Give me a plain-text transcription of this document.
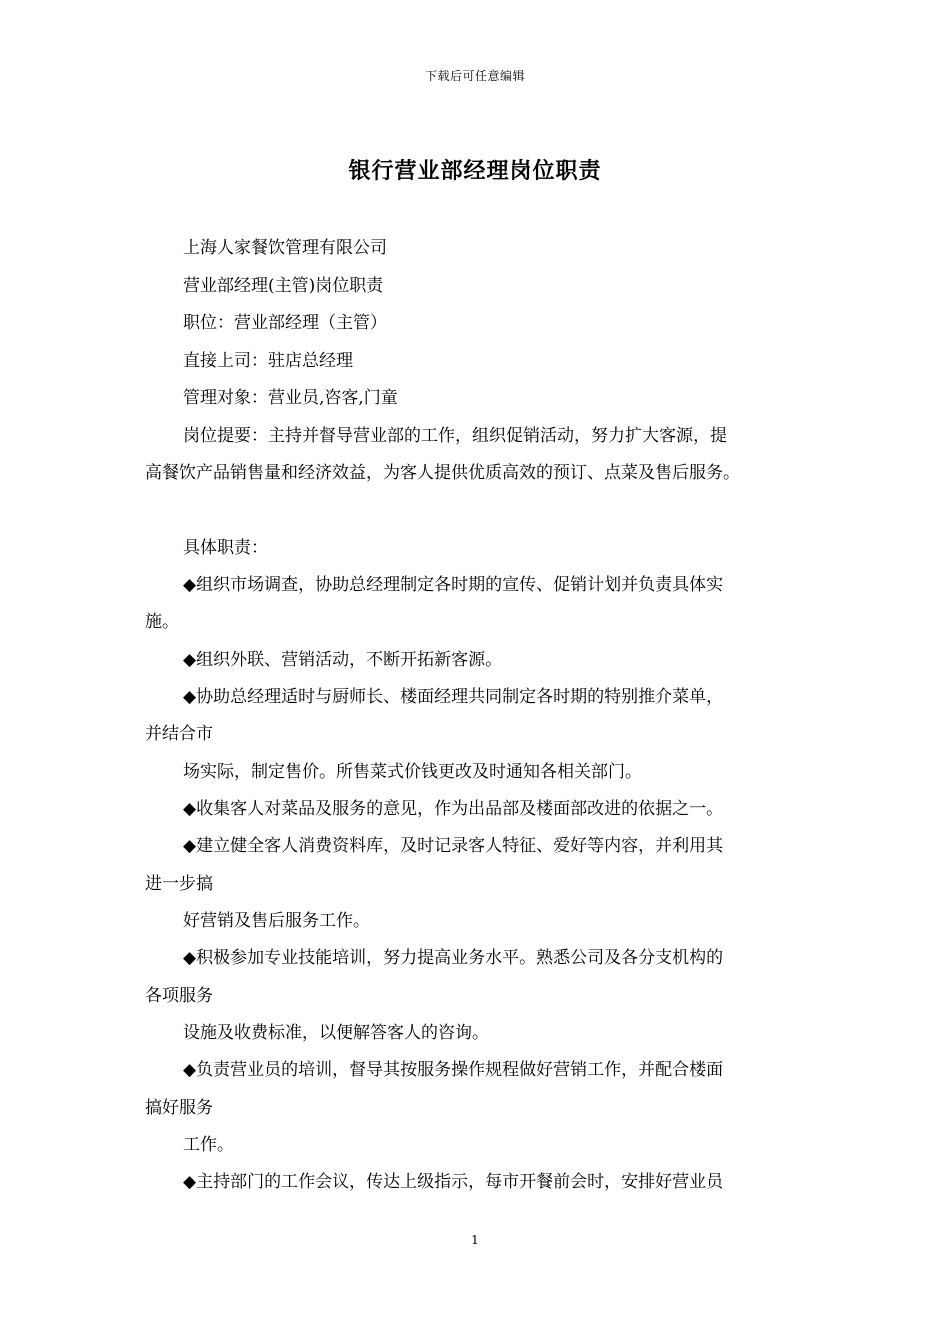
下载后可任意编辑
银行营业部经理岗位职责
上海人家餐饮管理有限公司
营业部经理(主管)岗位职责
职位：营业部经理（主管）
直接上司：驻店总经理
管理对象：营业员,咨客,门童
岗位提要：主持并督导营业部的工作，组织促销活动，努力扩大客源，提
高餐饮产品销售量和经济效益，为客人提供优质高效的预订、点菜及售后服务。
具体职责：
◆组织市场调查，协助总经理制定各时期的宣传、促销计划并负责具体实
施。
◆组织外联、营销活动，不断开拓新客源。
◆协助总经理适时与厨师长、楼面经理共同制定各时期的特别推介菜单，
并结合市
场实际，制定售价。所售菜式价钱更改及时通知各相关部门。
◆收集客人对菜品及服务的意见，作为出品部及楼面部改进的依据之一。
◆建立健全客人消费资料库，及时记录客人特征、爱好等内容，并利用其
进一步搞
好营销及售后服务工作。
◆积极参加专业技能培训，努力提高业务水平。熟悉公司及各分支机构的
各项服务
设施及收费标准，以便解答客人的咨询。
◆负责营业员的培训，督导其按服务操作规程做好营销工作，并配合楼面
搞好服务
工作。
◆主持部门的工作会议，传达上级指示，每市开餐前会时，安排好营业员
1
